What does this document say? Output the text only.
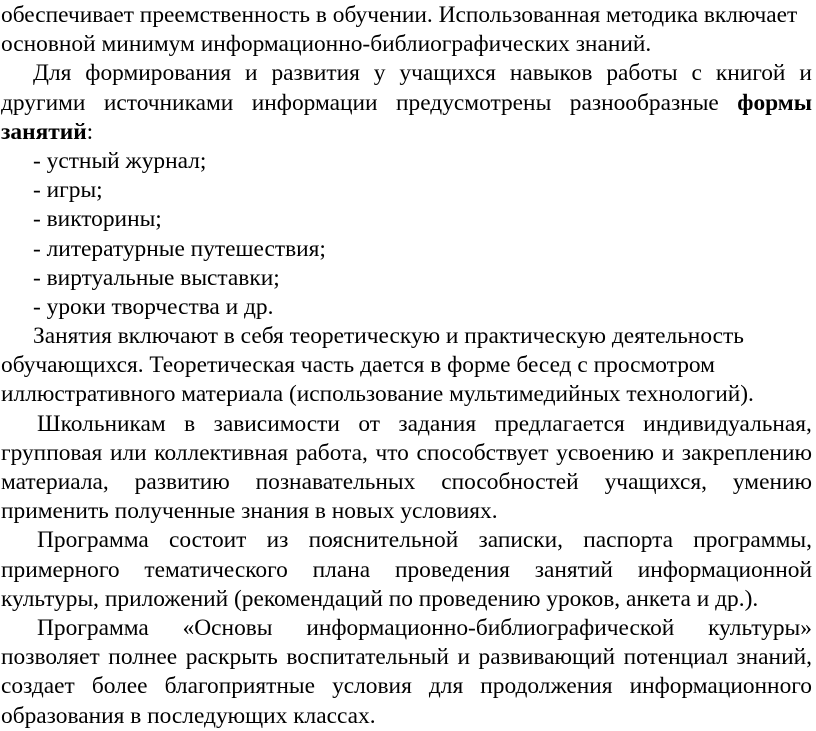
обеспечивает преемственность в обучении. Использованная методика включает
основной минимум информационно-библиографических знаний.
Для формирования и развития у учащихся навыков работы с книгой и
другими источниками информации предусмотрены разнообразные формы
занятий:
- устный журнал;
- игры;
- викторины;
- литературные путешествия;
- виртуальные выставки;
- уроки творчества и др.
Занятия включают в себя теоретическую и практическую деятельность
обучающихся. Теоретическая часть дается в форме бесед с просмотром
иллюстративного материала (использование мультимедийных технологий).
Школьникам в зависимости от задания предлагается индивидуальная,
групповая или коллективная работа, что способствует усвоению и закреплению
материала, развитию познавательных способностей учащихся, умению
применить полученные знания в новых условиях.
Программа состоит из пояснительной записки, паспорта программы,
примерного тематического плана проведения занятий информационной
культуры, приложений (рекомендаций по проведению уроков, анкета и др.).
Программа «Основы информационно-библиографической культуры»
позволяет полнее раскрыть воспитательный и развивающий потенциал знаний,
создает более благоприятные условия для продолжения информационного
образования в последующих классах.
